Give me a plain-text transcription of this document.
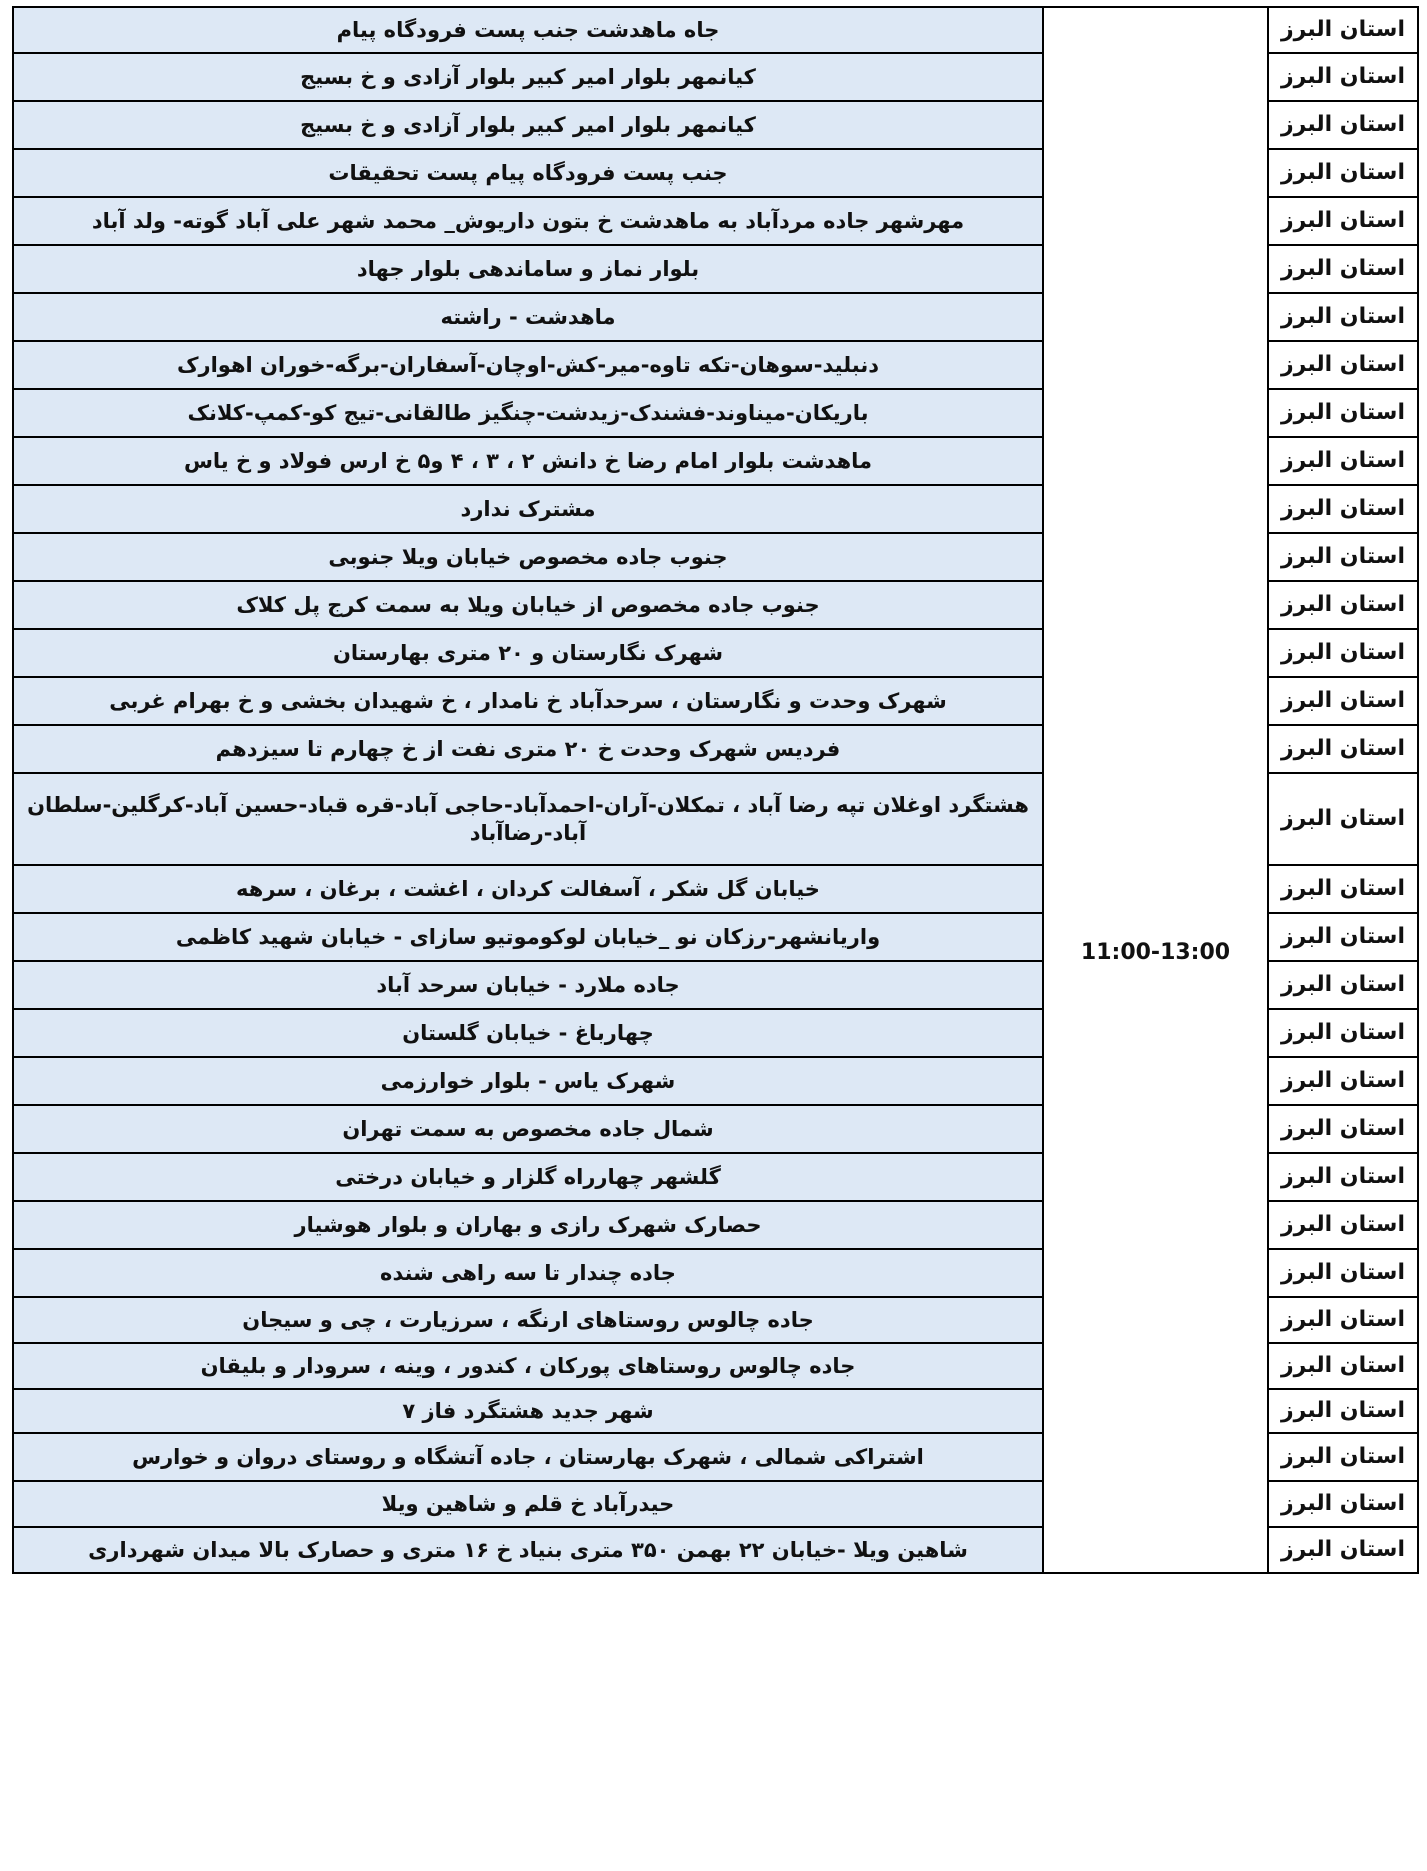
استان البرز	11:00-13:00	جاه ماهدشت جنب پست فرودگاه پیام
استان البرز		کیانمهر بلوار امیر کبیر بلوار آزادی و خ بسیج
استان البرز		کیانمهر بلوار امیر کبیر بلوار آزادی و خ بسیج
استان البرز		جنب پست فرودگاه پیام پست تحقیقات
استان البرز		مهرشهر جاده مردآباد به ماهدشت خ بتون داریوش_ محمد شهر علی آباد گوته- ولد آباد
استان البرز		بلوار نماز و ساماندهی بلوار جهاد
استان البرز		ماهدشت - راشته
استان البرز		دنبلید-سوهان-تکه تاوه-میر-کش-اوچان-آسفاران-برگه-خوران اهوارک
استان البرز		باریکان-میناوند-فشندک-زیدشت-چنگیز طالقانی-تیج کو-کمپ-کلانک
استان البرز		ماهدشت بلوار امام رضا خ دانش ۲ ، ۳ ، ۴ و۵ خ ارس فولاد و خ یاس
استان البرز		مشترک ندارد
استان البرز		جنوب جاده مخصوص خیابان ویلا جنوبی
استان البرز		جنوب جاده مخصوص از خیابان ویلا به سمت کرج پل کلاک
استان البرز		شهرک نگارستان و ۲۰ متری بهارستان
استان البرز		شهرک وحدت و نگارستان ، سرحدآباد خ نامدار ، خ شهیدان بخشی و خ بهرام غربی
استان البرز		فردیس شهرک وحدت خ ۲۰ متری نفت از خ چهارم تا سیزدهم
استان البرز		هشتگرد اوغلان تپه رضا آباد ، تمکلان-آران-احمدآباد-حاجی آباد-قره قباد-حسین آباد-کرگلین-سلطان آباد-رضاآباد
استان البرز		خیابان گل شکر ، آسفالت کردان ، اغشت ، برغان ، سرهه
استان البرز		واریانشهر-رزکان نو _خیابان لوکوموتیو سازای - خیابان شهید کاظمی
استان البرز		جاده ملارد - خیابان سرحد آباد
استان البرز		چهارباغ - خیابان گلستان
استان البرز		شهرک یاس - بلوار خوارزمی
استان البرز		شمال جاده مخصوص به سمت تهران
استان البرز		گلشهر چهارراه گلزار و خیابان درختی
استان البرز		حصارک شهرک رازی و بهاران و بلوار هوشیار
استان البرز		جاده چندار تا سه راهی شنده
استان البرز		جاده چالوس روستاهای ارنگه ، سرزیارت ، چی و سیجان
استان البرز		جاده چالوس روستاهای پورکان ، کندور ، وینه ، سرودار و بلیقان
استان البرز		شهر جدید هشتگرد فاز ۷
استان البرز		اشتراکی شمالی ، شهرک بهارستان ، جاده آتشگاه و روستای دروان و خوارس
استان البرز		حیدرآباد خ قلم و شاهین ویلا
استان البرز		شاهین ویلا -خیابان ۲۲ بهمن ۳۵۰ متری بنیاد خ ۱۶ متری و حصارک بالا میدان شهرداری
